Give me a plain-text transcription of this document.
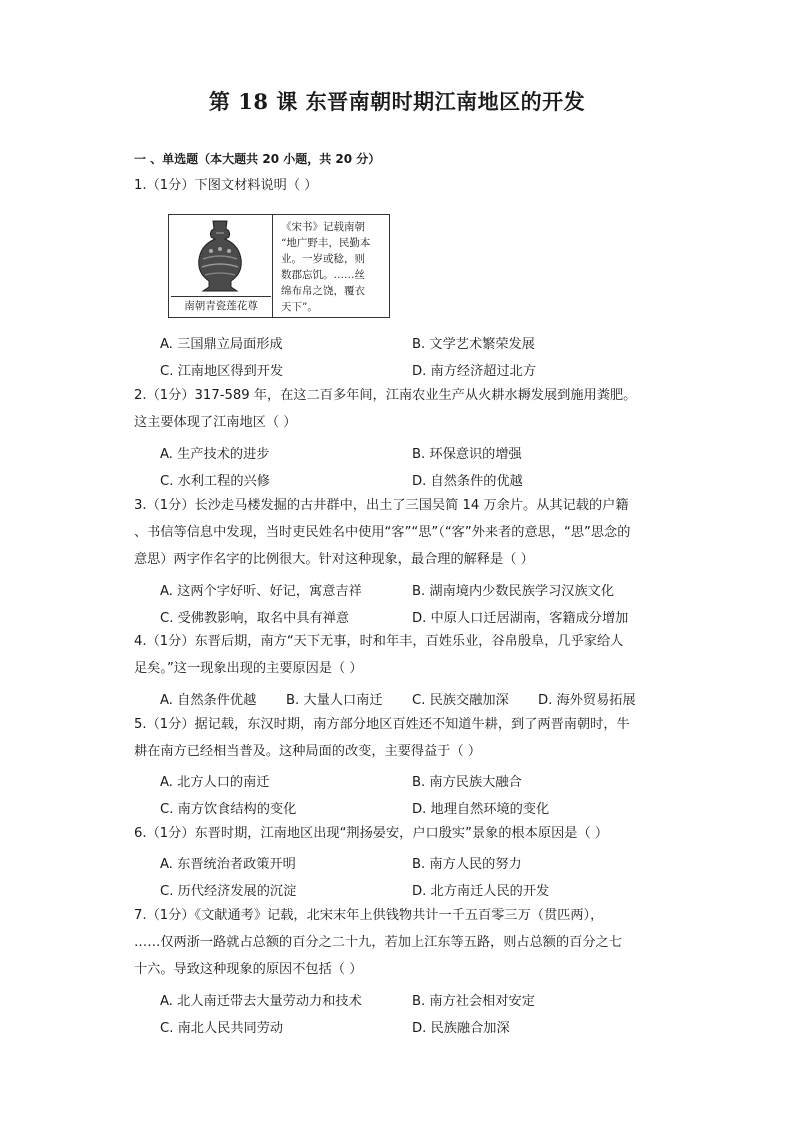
第 18 课 东晋南朝时期江南地区的开发
一 、单选题（本大题共 20 小题，共 20 分）
1.（1分）下图文材料说明（ ）
南朝青瓷莲花尊
《宋书》记载南朝
“地广野丰，民勤本
业。一岁或稔，则
数郡忘饥。……丝
绵布帛之饶，覆衣
天下”。
A. 三国鼎立局面形成	B. 文学艺术繁荣发展
C. 江南地区得到开发	D. 南方经济超过北方
2.（1分）317-589 年，在这二百多年间，江南农业生产从火耕水耨发展到施用粪肥。
这主要体现了江南地区（ ）
A. 生产技术的进步	B. 环保意识的增强
C. 水利工程的兴修	D. 自然条件的优越
3.（1分）长沙走马楼发掘的古井群中，出土了三国吴简 14 万余片。从其记载的户籍
、书信等信息中发现，当时吏民姓名中使用“客”“思”（“客”外来者的意思，“思”思念的
意思）两字作名字的比例很大。针对这种现象，最合理的解释是（ ）
A. 这两个字好听、好记，寓意吉祥	B. 湖南境内少数民族学习汉族文化
C. 受佛教影响，取名中具有禅意	D. 中原人口迁居湖南，客籍成分增加
4.（1分）东晋后期，南方“天下无事，时和年丰，百姓乐业，谷帛殷阜，几乎家给人
足矣。”这一现象出现的主要原因是（ ）
A. 自然条件优越 B. 大量人口南迁 C. 民族交融加深 D. 海外贸易拓展
5.（1分）据记载，东汉时期，南方部分地区百姓还不知道牛耕，到了两晋南朝时，牛
耕在南方已经相当普及。这种局面的改变，主要得益于（ ）
A. 北方人口的南迁	B. 南方民族大融合
C. 南方饮食结构的变化	D. 地理自然环境的变化
6.（1分）东晋时期，江南地区出现“荆扬晏安，户口殷实”景象的根本原因是（ ）
A. 东晋统治者政策开明	B. 南方人民的努力
C. 历代经济发展的沉淀	D. 北方南迁人民的开发
7.（1分）《文献通考》记载，北宋末年上供钱物共计一千五百零三万（贯匹两），
……仅两浙一路就占总额的百分之二十九，若加上江东等五路，则占总额的百分之七
十六。导致这种现象的原因不包括（ ）
A. 北人南迁带去大量劳动力和技术	B. 南方社会相对安定
C. 南北人民共同劳动	D. 民族融合加深
